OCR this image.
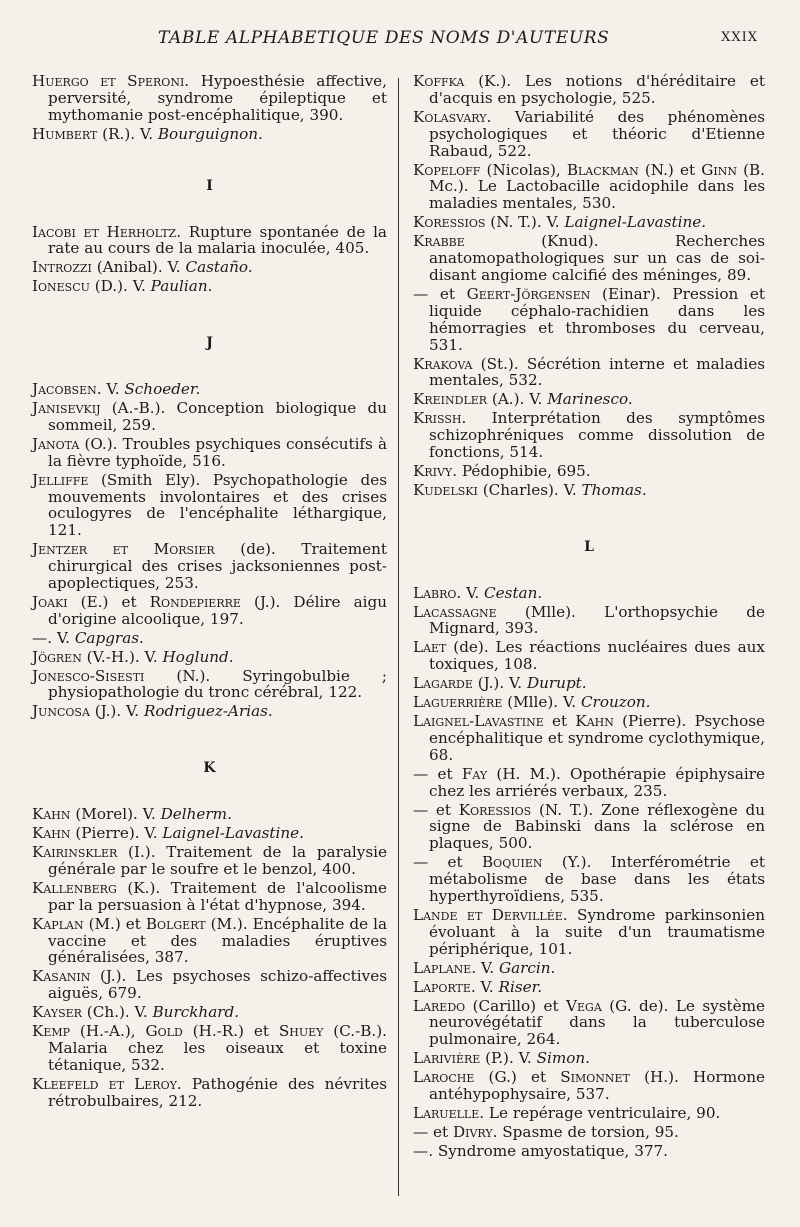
TABLE ALPHABETIQUE DES NOMS D'AUTEURS	XXIX
Huergo et Speroni. Hypoesthésie affective, perversité, syndrome épileptique et mythomanie post-encéphalitique, 390.
Humbert (R.). V. Bourguignon.
I
Iacobi et Herholtz. Rupture spontanée de la rate au cours de la malaria inoculée, 405.
Introzzi (Anibal). V. Castaño.
Ionescu (D.). V. Paulian.
J
Jacobsen. V. Schoeder.
Janisevkij (A.-B.). Conception biologique du sommeil, 259.
Janota (O.). Troubles psychiques consécutifs à la fièvre typhoïde, 516.
Jelliffe (Smith Ely). Psychopathologie des mouvements involontaires et des crises oculogyres de l'encéphalite léthargique, 121.
Jentzer et Morsier (de). Traitement chirurgical des crises jacksoniennes post-apoplectiques, 253.
Joaki (E.) et Rondepierre (J.). Délire aigu d'origine alcoolique, 197.
—. V. Capgras.
Jögren (V.-H.). V. Hoglund.
Jonesco-Sisesti (N.). Syringobulbie ; physiopathologie du tronc cérébral, 122.
Juncosa (J.). V. Rodriguez-Arias.
K
Kahn (Morel). V. Delherm.
Kahn (Pierre). V. Laignel-Lavastine.
Kairinskler (I.). Traitement de la paralysie générale par le soufre et le benzol, 400.
Kallenberg (K.). Traitement de l'alcoolisme par la persuasion à l'état d'hypnose, 394.
Kaplan (M.) et Bolgert (M.). Encéphalite de la vaccine et des maladies éruptives généralisées, 387.
Kasanin (J.). Les psychoses schizo-affectives aiguës, 679.
Kayser (Ch.). V. Burckhard.
Kemp (H.-A.), Gold (H.-R.) et Shuey (C.-B.). Malaria chez les oiseaux et toxine tétanique, 532.
Kleefeld et Leroy. Pathogénie des névrites rétrobulbaires, 212.
Koffka (K.). Les notions d'héréditaire et d'acquis en psychologie, 525.
Kolasvary. Variabilité des phénomènes psychologiques et théoric d'Etienne Rabaud, 522.
Kopeloff (Nicolas), Blackman (N.) et Ginn (B. Mc.). Le Lactobacille acidophile dans les maladies mentales, 530.
Koressios (N. T.). V. Laignel-Lavastine.
Krabbe (Knud). Recherches anatomopathologiques sur un cas de soi-disant angiome calcifié des méninges, 89.
— et Geert-Jörgensen (Einar). Pression et liquide céphalo-rachidien dans les hémorragies et thromboses du cerveau, 531.
Krakova (St.). Sécrétion interne et maladies mentales, 532.
Kreindler (A.). V. Marinesco.
Krissh. Interprétation des symptômes schizophréniques comme dissolution de fonctions, 514.
Krivy. Pédophibie, 695.
Kudelski (Charles). V. Thomas.
L
Labro. V. Cestan.
Lacassagne (Mlle). L'orthopsychie de Mignard, 393.
Laet (de). Les réactions nucléaires dues aux toxiques, 108.
Lagarde (J.). V. Durupt.
Laguerrière (Mlle). V. Crouzon.
Laignel-Lavastine et Kahn (Pierre). Psychose encéphalitique et syndrome cyclothymique, 68.
— et Fay (H. M.). Opothérapie épiphysaire chez les arriérés verbaux, 235.
— et Koressios (N. T.). Zone réflexogène du signe de Babinski dans la sclérose en plaques, 500.
— et Boquien (Y.). Interférométrie et métabolisme de base dans les états hyperthyroïdiens, 535.
Lande et Dervillée. Syndrome parkinsonien évoluant à la suite d'un traumatisme périphérique, 101.
Laplane. V. Garcin.
Laporte. V. Riser.
Laredo (Carillo) et Vega (G. de). Le système neurovégétatif dans la tuberculose pulmonaire, 264.
Larivière (P.). V. Simon.
Laroche (G.) et Simonnet (H.). Hormone antéhypophysaire, 537.
Laruelle. Le repérage ventriculaire, 90.
— et Divry. Spasme de torsion, 95.
—. Syndrome amyostatique, 377.
